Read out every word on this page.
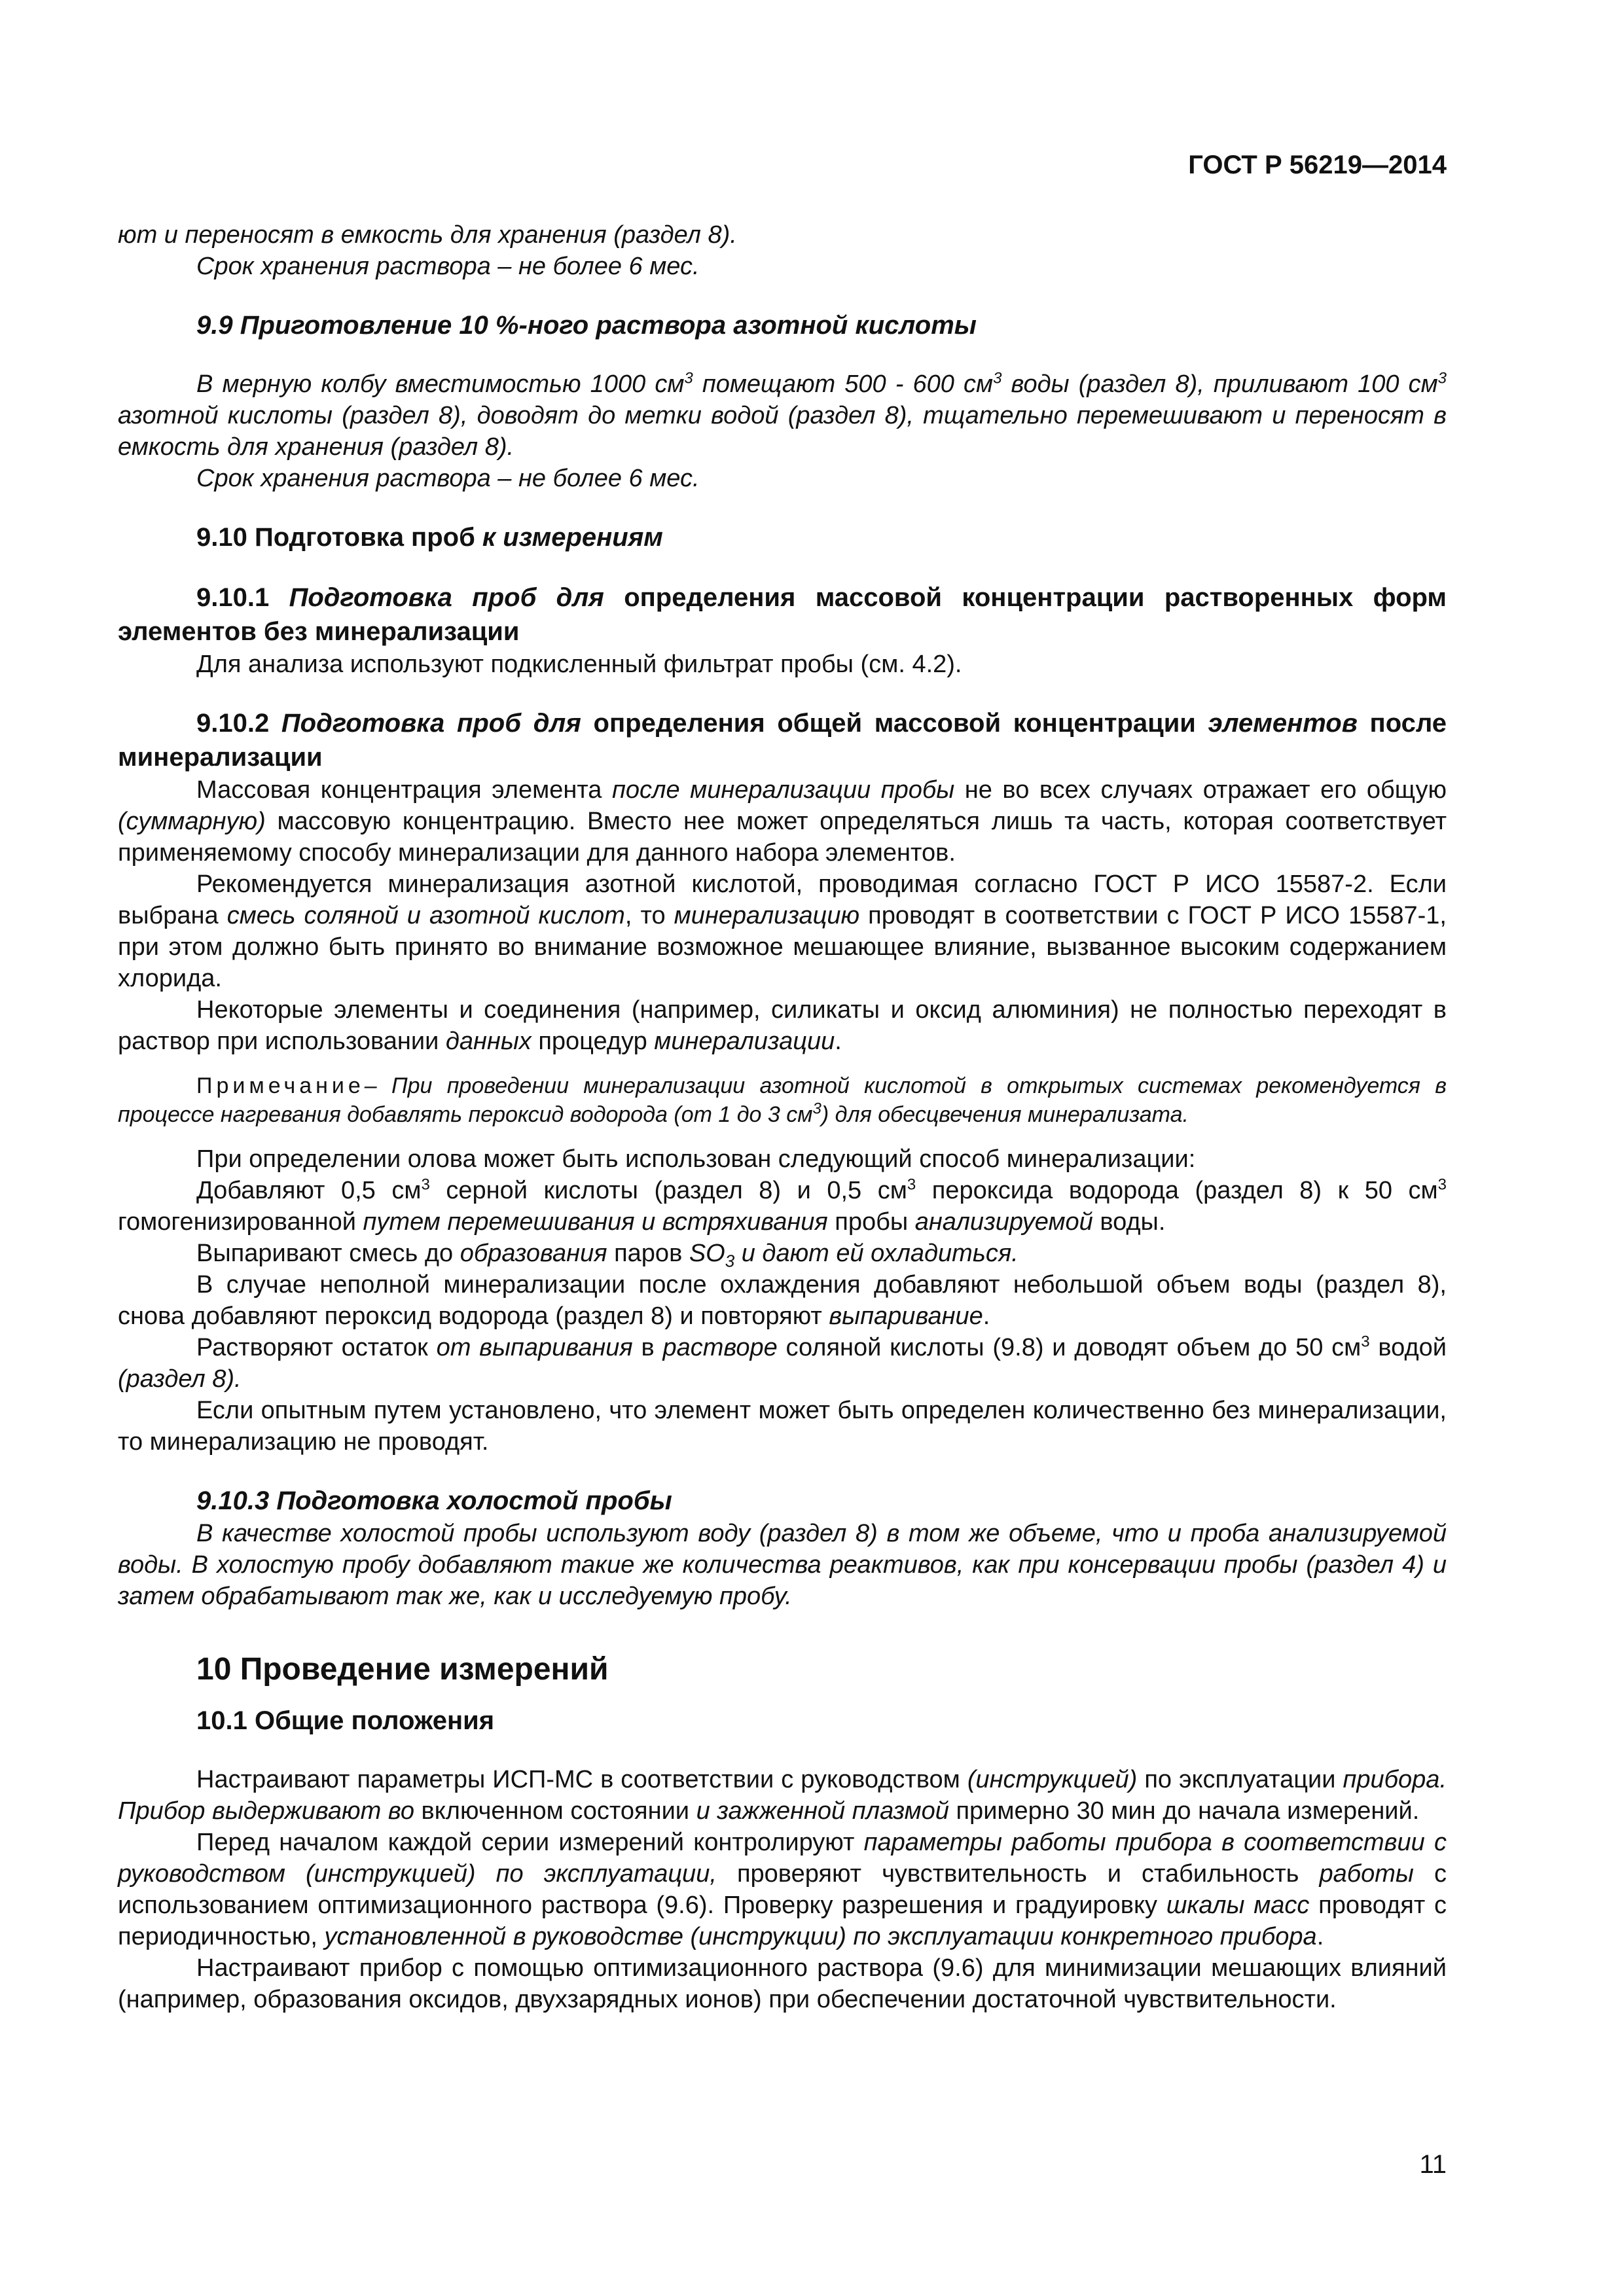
ГОСТ Р 56219—2014

ют и переносят в емкость для хранения (раздел 8).

Срок хранения раствора – не более 6 мес.

9.9 Приготовление 10 %-ного раствора азотной кислоты

В мерную колбу вместимостью 1000 $см^3$ помещают 500 - 600 $см^3$ воды (раздел 8), приливают 100 $см^3$ азотной кислоты (раздел 8), доводят до метки водой (раздел 8), тщательно перемешивают и переносят в емкость для хранения (раздел 8).

Срок хранения раствора – не более 6 мес.

9.10 Подготовка проб к измерениям

9.10.1 Подготовка проб для определения массовой концентрации растворенных форм элементов без минерализации

Для анализа используют подкисленный фильтрат пробы (см. 4.2).

9.10.2 Подготовка проб для определения общей массовой концентрации элементов после минерализации

Массовая концентрация элемента после минерализации пробы не во всех случаях отражает его общую (суммарную) массовую концентрацию. Вместо нее может определяться лишь та часть, которая соответствует применяемому способу минерализации для данного набора элементов.

Рекомендуется минерализация азотной кислотой, проводимая согласно ГОСТ Р ИСО 15587-2. Если выбрана смесь соляной и азотной кислот, то минерализацию проводят в соответствии с ГОСТ Р ИСО 15587-1, при этом должно быть принято во внимание возможное мешающее влияние, вызванное высоким содержанием хлорида.

Некоторые элементы и соединения (например, силикаты и оксид алюминия) не полностью переходят в раствор при использовании данных процедур минерализации.

Примечание– При проведении минерализации азотной кислотой в открытых системах рекомендуется в процессе нагревания добавлять пероксид водорода (от 1 до 3 $см^3$) для обесцвечения минерализата.

При определении олова может быть использован следующий способ минерализации:

Добавляют 0,5 $см^3$ серной кислоты (раздел 8) и 0,5 $см^3$ пероксида водорода (раздел 8) к 50 $см^3$ гомогенизированной путем перемешивания и встряхивания пробы анализируемой воды.

Выпаривают смесь до образования паров $SO_3$ и дают ей охладиться.

В случае неполной минерализации после охлаждения добавляют небольшой объем воды (раздел 8), снова добавляют пероксид водорода (раздел 8) и повторяют выпаривание.

Растворяют остаток от выпаривания в растворе соляной кислоты (9.8) и доводят объем до 50 $см^3$ водой (раздел 8).

Если опытным путем установлено, что элемент может быть определен количественно без минерализации, то минерализацию не проводят.

9.10.3 Подготовка холостой пробы

В качестве холостой пробы используют воду (раздел 8) в том же объеме, что и проба анализируемой воды. В холостую пробу добавляют такие же количества реактивов, как при консервации пробы (раздел 4) и затем обрабатывают так же, как и исследуемую пробу.

10 Проведение измерений

10.1 Общие положения

Настраивают параметры ИСП-МС в соответствии с руководством (инструкцией) по эксплуатации прибора. Прибор выдерживают во включенном состоянии и зажженной плазмой примерно 30 мин до начала измерений.

Перед началом каждой серии измерений контролируют параметры работы прибора в соответствии с руководством (инструкцией) по эксплуатации, проверяют чувствительность и стабильность работы с использованием оптимизационного раствора (9.6). Проверку разрешения и градуировку шкалы масс проводят с периодичностью, установленной в руководстве (инструкции) по эксплуатации конкретного прибора.

Настраивают прибор с помощью оптимизационного раствора (9.6) для минимизации мешающих влияний (например, образования оксидов, двухзарядных ионов) при обеспечении достаточной чувствительности.

11
